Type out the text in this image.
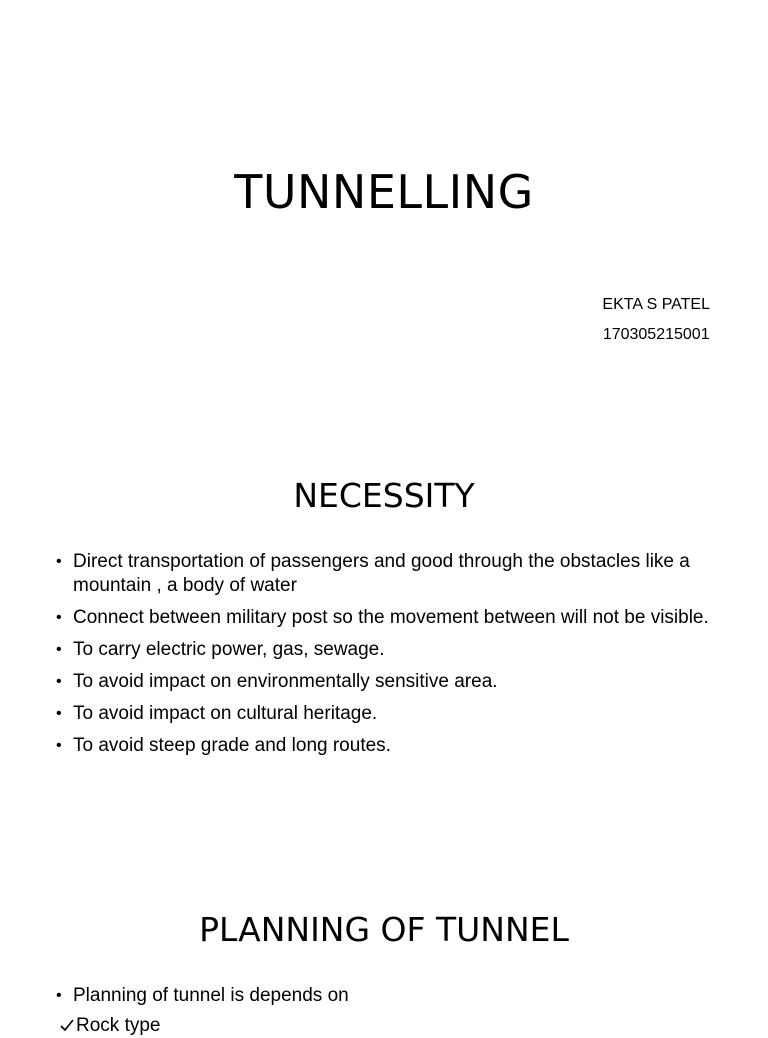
TUNNELLING
EKTA S PATEL
170305215001
NECESSITY
• Direct transportation of passengers and good through the obstacles like a mountain , a body of water
• Connect between military post so the movement between will not be visible.
• To carry electric power, gas, sewage.
• To avoid impact on environmentally sensitive area.
• To avoid impact on cultural heritage.
• To avoid steep grade and long routes.
PLANNING OF TUNNEL
• Planning of tunnel is depends on
Rock type
